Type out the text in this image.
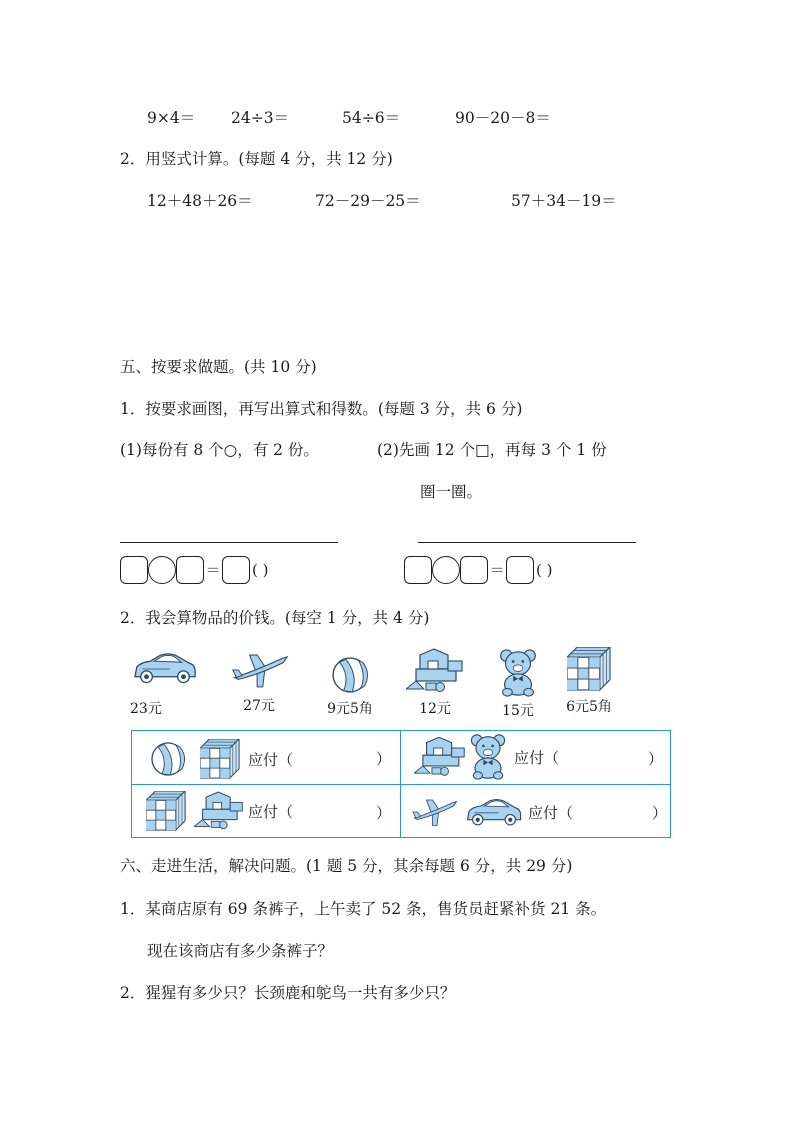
9×4＝ 24÷3＝	54÷6＝	90－20－8＝
2．用竖式计算。(每题 4 分，共 12 分)
12＋48＋26＝	72－29－25＝	57＋34－19＝
五、按要求做题。(共 10 分)
1．按要求画图，再写出算式和得数。(每题 3 分，共 6 分)
(1)每份有 8 个○，有 2 份。	(2)先画 12 个□，再每 3 个 1 份
圈一圈。
＝ ( )	＝ ( )
2．我会算物品的价钱。(每空 1 分，共 4 分)
23元	27元	9元5角	12元	15元	6元5角
应付（	）	应付（	）
应付（	）	应付（	）
六、走进生活，解决问题。(1 题 5 分，其余每题 6 分，共 29 分)
1．某商店原有 69 条裤子，上午卖了 52 条，售货员赶紧补货 21 条。
现在该商店有多少条裤子？
2．猩猩有多少只？长颈鹿和鸵鸟一共有多少只？
